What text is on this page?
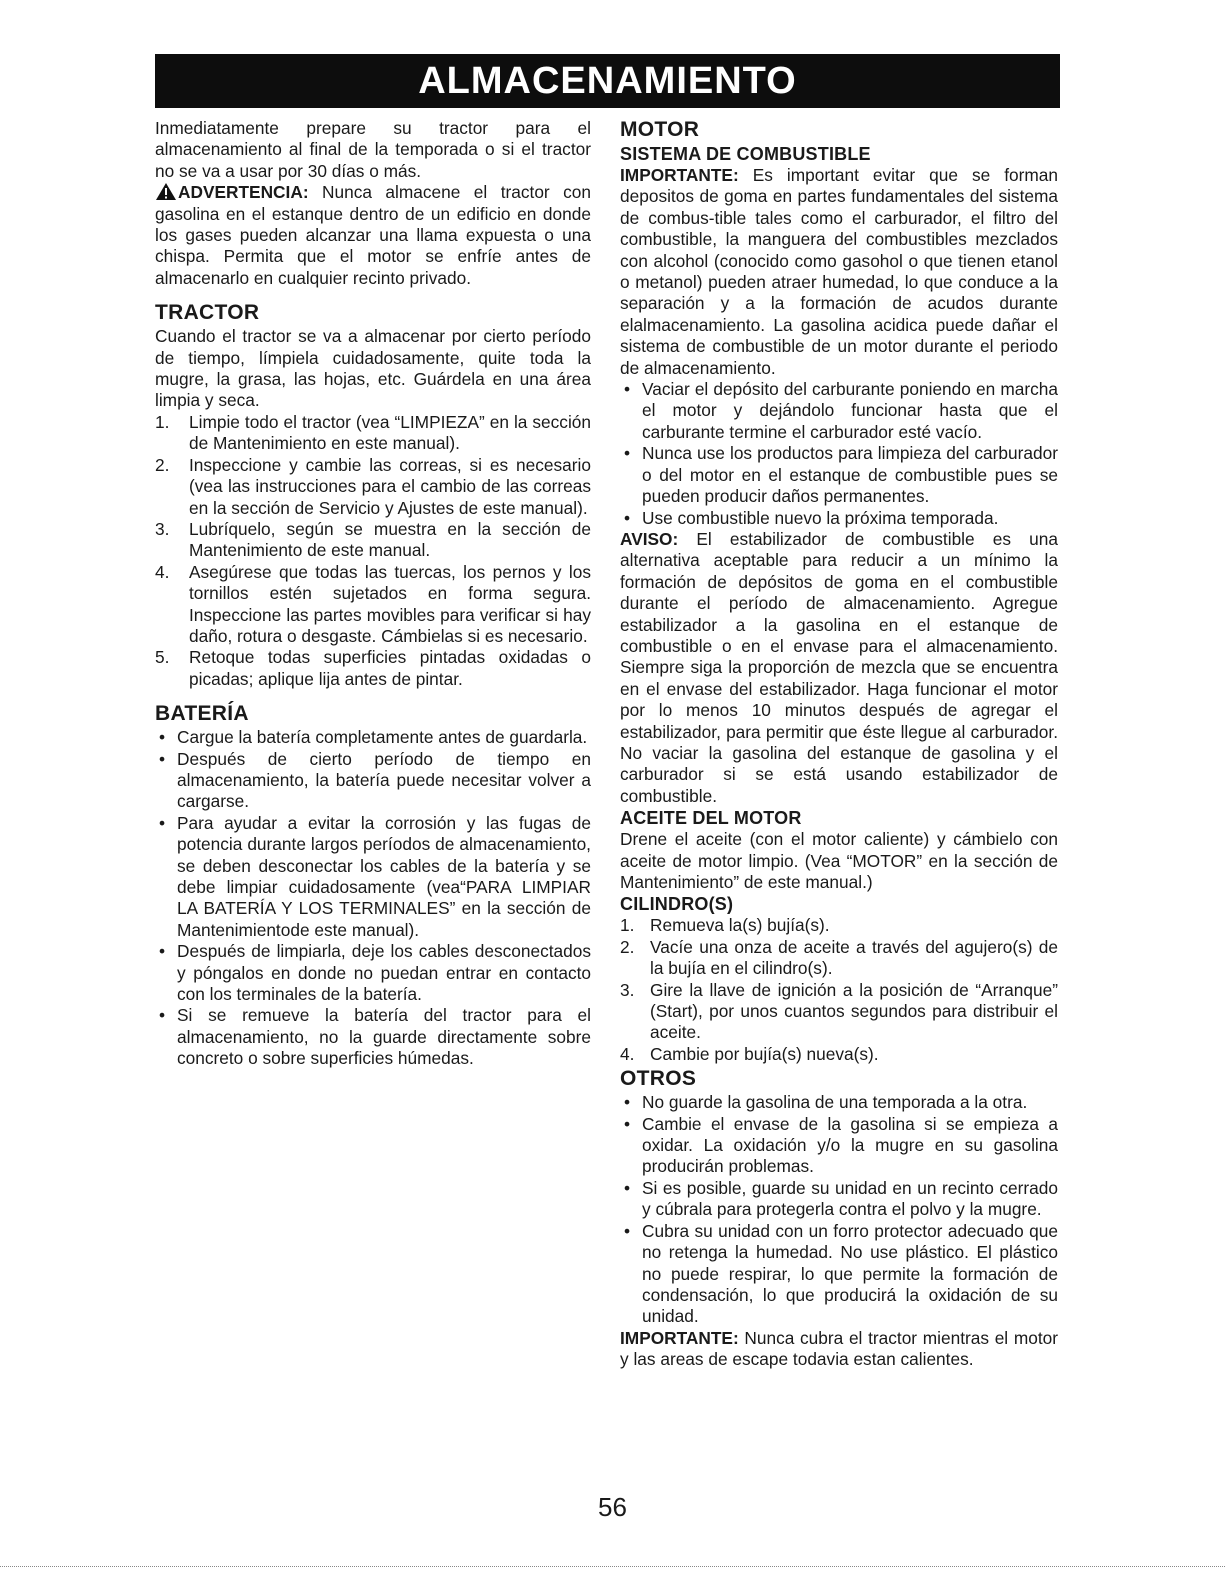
ALMACENAMIENTO

Inmediatamente prepare su tractor para el almacenamiento al final de la temporada o si el tractor no se va a usar por 30 días o más.

ADVERTENCIA: Nunca almacene el tractor con gasolina en el estanque dentro de un edificio en donde los gases pueden alcanzar una llama expuesta o una chispa. Permita que el motor se enfríe antes de almacenarlo en cualquier recinto privado.

TRACTOR

Cuando el tractor se va a almacenar por cierto período de tiempo, límpiela cuidadosamente, quite toda la mugre, la grasa, las hojas, etc. Guárdela en una área limpia y seca.

1. Limpie todo el tractor (vea “LIMPIEZA” en la sección de Mantenimiento en este manual).
2. Inspeccione y cambie las correas, si es necesario (vea las instrucciones para el cambio de las correas en la sección de Servicio y Ajustes de este manual).
3. Lubríquelo, según se muestra en la sección de Mantenimiento de este manual.
4. Asegúrese que todas las tuercas, los pernos y los tornillos estén sujetados en forma segura. Inspeccione las partes movibles para verificar si hay daño, rotura o desgaste. Cámbielas si es necesario.
5. Retoque todas superficies pintadas oxidadas o picadas; aplique lija antes de pintar.
BATERÍA
• Cargue la batería completamente antes de guardarla.
• Después de cierto período de tiempo en almacenamiento, la batería puede necesitar volver a cargarse.
• Para ayudar a evitar la corrosión y las fugas de potencia durante largos períodos de almacenamiento, se deben desconectar los cables de la batería y se debe limpiar cuidadosamente (vea“PARA LIMPIAR LA BATERÍA Y LOS TERMINALES” en la sección de Mantenimientode este manual).
• Después de limpiarla, deje los cables desconectados y póngalos en donde no puedan entrar en contacto con los terminales de la batería.
• Si se remueve la batería del tractor para el almacenamiento, no la guarde directamente sobre concreto o sobre superficies húmedas.
MOTOR
SISTEMA DE COMBUSTIBLE

IMPORTANTE: Es important evitar que se forman depositos de goma en partes fundamentales del sistema de combus-tible tales como el carburador, el filtro del combustible, la manguera del combustibles mezclados con alcohol (conocido como gasohol o que tienen etanol o metanol) pueden atraer humedad, lo que conduce a la separación y a la formación de acudos durante elalmacenamiento. La gasolina acidica puede dañar el sistema de combustible de un motor durante el periodo de almacenamiento.

• Vaciar el depósito del carburante poniendo en marcha el motor y dejándolo funcionar hasta que el carburante termine el carburador esté vacío.
• Nunca use los productos para limpieza del carburador o del motor en el estanque de combustible pues se pueden producir daños permanentes.
• Use combustible nuevo la próxima temporada.

AVISO: El estabilizador de combustible es una alternativa aceptable para reducir a un mínimo la formación de depósitos de goma en el combustible durante el período de almacenamiento. Agregue estabilizador a la gasolina en el estanque de combustible o en el envase para el almacenamiento. Siempre siga la proporción de mezcla que se encuentra en el envase del estabilizador. Haga funcionar el motor por lo menos 10 minutos después de agregar el estabilizador, para permitir que éste llegue al carburador. No vaciar la gasolina del estanque de gasolina y el carburador si se está usando estabilizador de combustible.

ACEITE DEL MOTOR

Drene el aceite (con el motor caliente) y cámbielo con aceite de motor limpio. (Vea “MOTOR” en la sección de Mantenimiento” de este manual.)

CILINDRO(S)
1. Remueva la(s) bujía(s).
2. Vacíe una onza de aceite a través del agujero(s) de la bujía en el cilindro(s).
3. Gire la llave de ignición a la posición de “Arranque” (Start), por unos cuantos segundos para distribuir el aceite.
4. Cambie por bujía(s) nueva(s).
OTROS
• No guarde la gasolina de una temporada a la otra.
• Cambie el envase de la gasolina si se empieza a oxidar. La oxidación y/o la mugre en su gasolina producirán problemas.
• Si es posible, guarde su unidad en un recinto cerrado y cúbrala para protegerla contra el polvo y la mugre.
• Cubra su unidad con un forro protector adecuado que no retenga la humedad. No use plástico. El plástico no puede respirar, lo que permite la formación de condensación, lo que producirá la oxidación de su unidad.

IMPORTANTE: Nunca cubra el tractor mientras el motor y las areas de escape todavia estan calientes.

56
